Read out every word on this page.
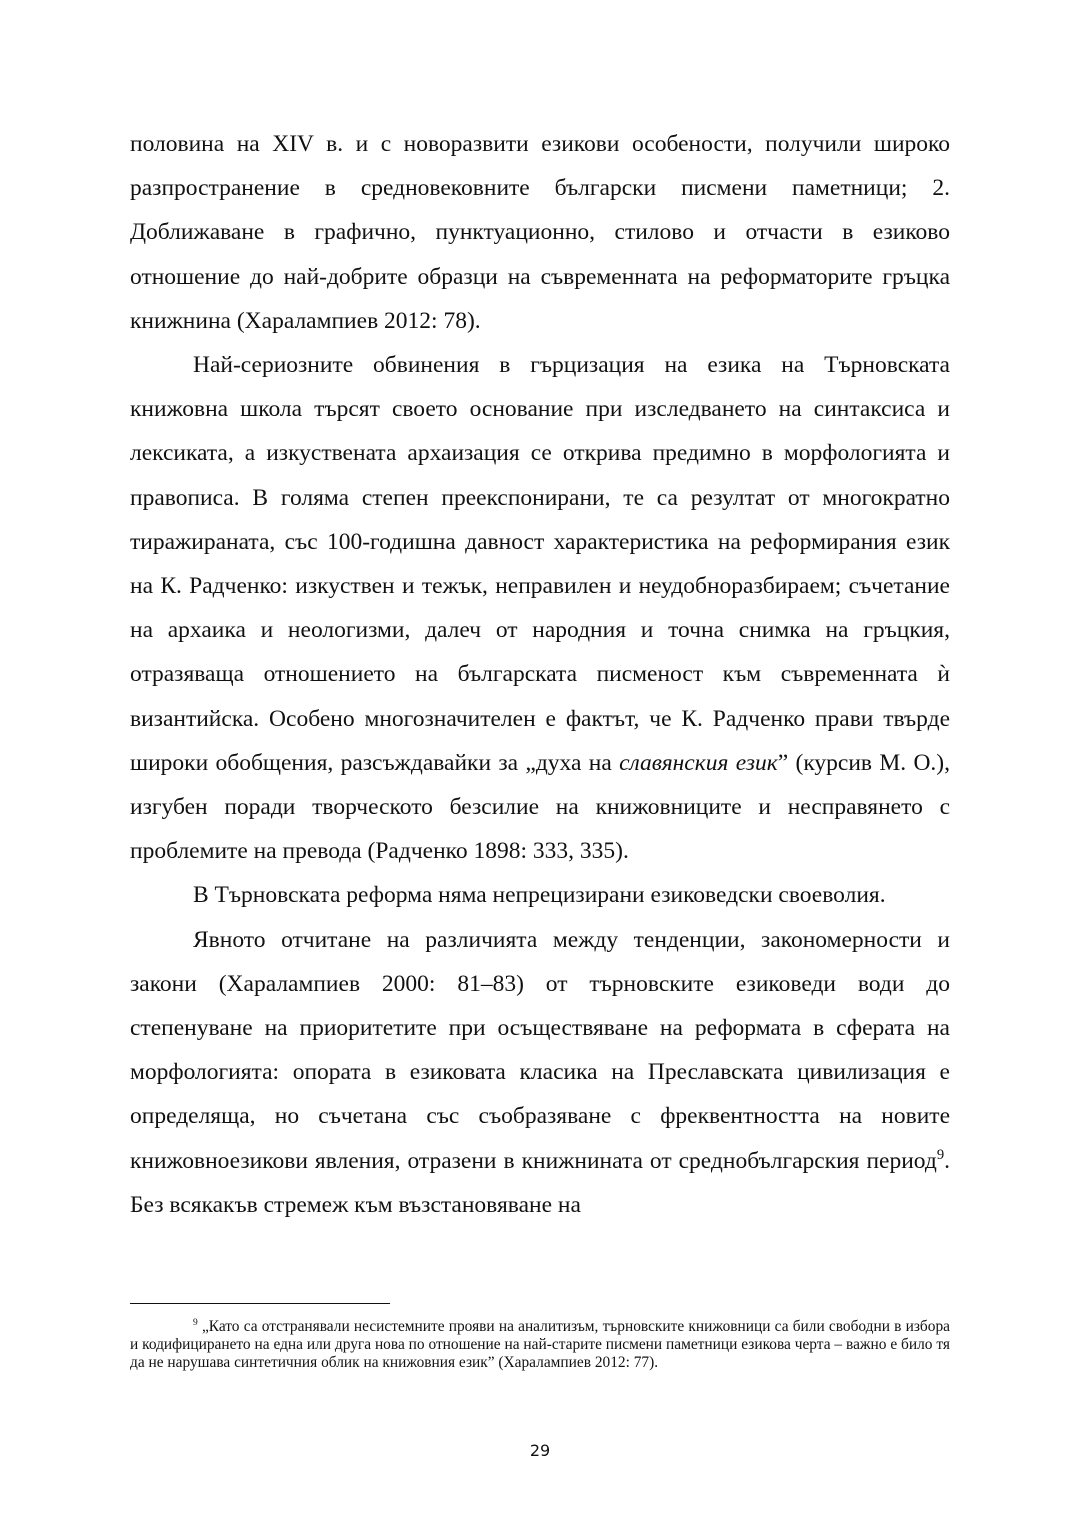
половина на XIV в. и с новоразвити езикови особености, получили широко разпространение в средновековните български писмени паметници; 2. Доближаване в графично, пунктуационно, стилово и отчасти в езиково отношение до най-добрите образци на съвременната на реформаторите гръцка книжнина (Харалампиев 2012: 78).

Най-сериозните обвинения в гърцизация на езика на Търновската книжовна школа търсят своето основание при изследването на синтаксиса и лексиката, а изкуствената архаизация се открива предимно в морфологията и правописа. В голяма степен преекспонирани, те са резултат от многократно тиражираната, със 100-годишна давност характеристика на реформирания език на К. Радченко: изкуствен и тежък, неправилен и неудобноразбираем; съчетание на архаика и неологизми, далеч от народния и точна снимка на гръцкия, отразяваща отношението на българската писменост към съвременната ѝ византийска. Особено многозначителен е фактът, че К. Радченко прави твърде широки обобщения, разсъждавайки за „духа на славянския език” (курсив М. О.), изгубен поради творческото безсилие на книжовниците и несправянето с проблемите на превода (Радченко 1898: 333, 335).

В Търновската реформа няма непрецизирани езиковедски своеволия.

Явното отчитане на различията между тенденции, закономерности и закони (Харалампиев 2000: 81–83) от търновските езиковеди води до степенуване на приоритетите при осъществяване на реформата в сферата на морфологията: опората в езиковата класика на Преславската цивилизация е определяща, но съчетана със съобразяване с фреквентността на новите книжовноезикови явления, отразени в книжнината от среднобългарския период$^9$. Без всякакъв стремеж към възстановяване на

$^9$ „Като са отстранявали несистемните прояви на аналитизъм, търновските книжовници са били свободни в избора и кодифицирането на една или друга нова по отношение на най-старите писмени паметници езикова черта – важно е било тя да не нарушава синтетичния облик на книжовния език” (Харалампиев 2012: 77).
29
